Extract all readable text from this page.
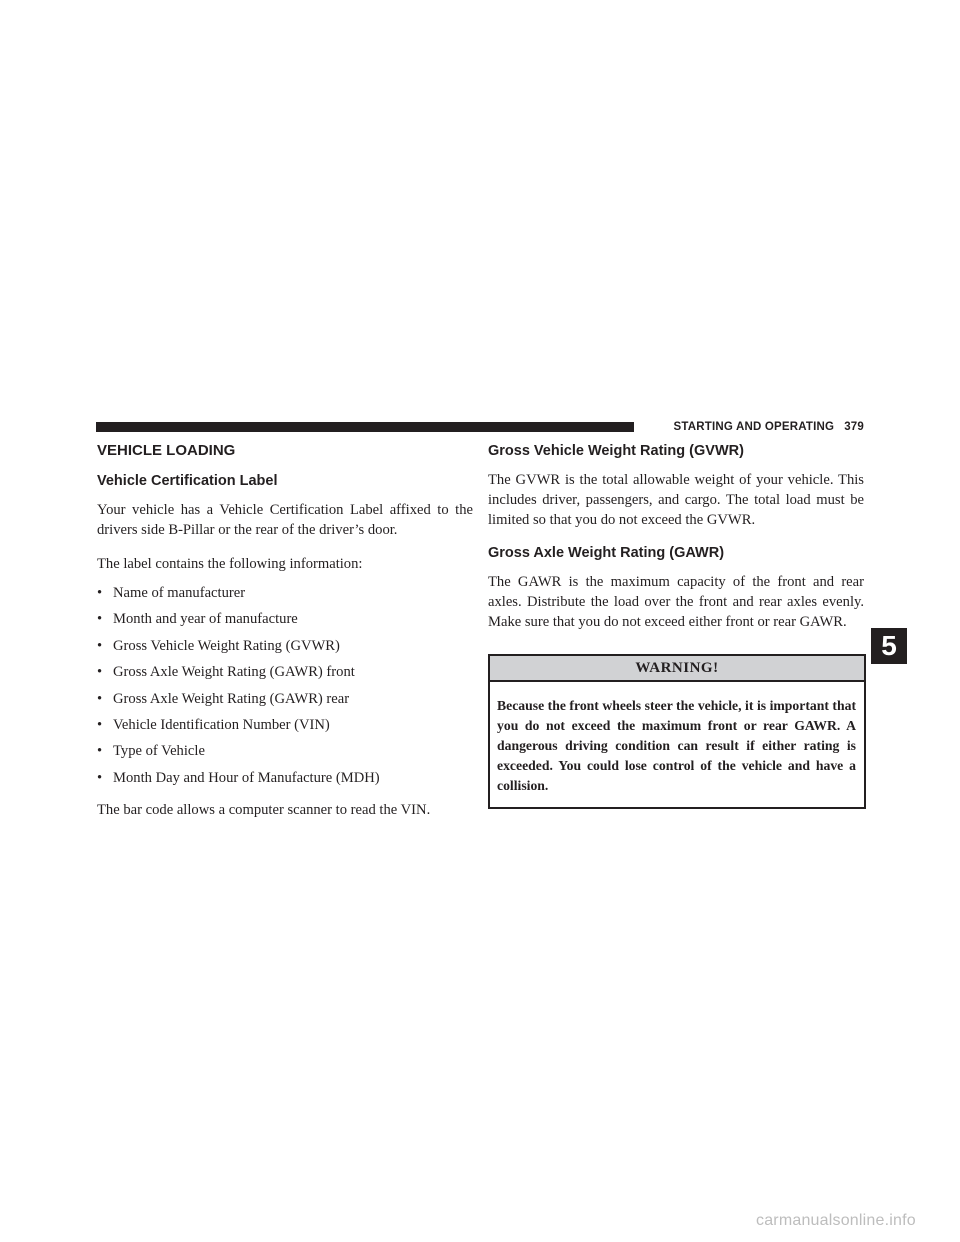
STARTING AND OPERATING 379
VEHICLE LOADING
Vehicle Certification Label

Your vehicle has a Vehicle Certification Label affixed to the drivers side B-Pillar or the rear of the driver’s door.

The label contains the following information:

• Name of manufacturer
• Month and year of manufacture
• Gross Vehicle Weight Rating (GVWR)
• Gross Axle Weight Rating (GAWR) front
• Gross Axle Weight Rating (GAWR) rear
• Vehicle Identification Number (VIN)
• Type of Vehicle
• Month Day and Hour of Manufacture (MDH)

The bar code allows a computer scanner to read the VIN.

Gross Vehicle Weight Rating (GVWR)

The GVWR is the total allowable weight of your vehicle. This includes driver, passengers, and cargo. The total load must be limited so that you do not exceed the GVWR.

Gross Axle Weight Rating (GAWR)

The GAWR is the maximum capacity of the front and rear axles. Distribute the load over the front and rear axles evenly. Make sure that you do not exceed either front or rear GAWR.

WARNING!
Because the front wheels steer the vehicle, it is important that you do not exceed the maximum front or rear GAWR. A dangerous driving condition can result if either rating is exceeded. You could lose control of the vehicle and have a collision.
5
carmanualsonline.info
